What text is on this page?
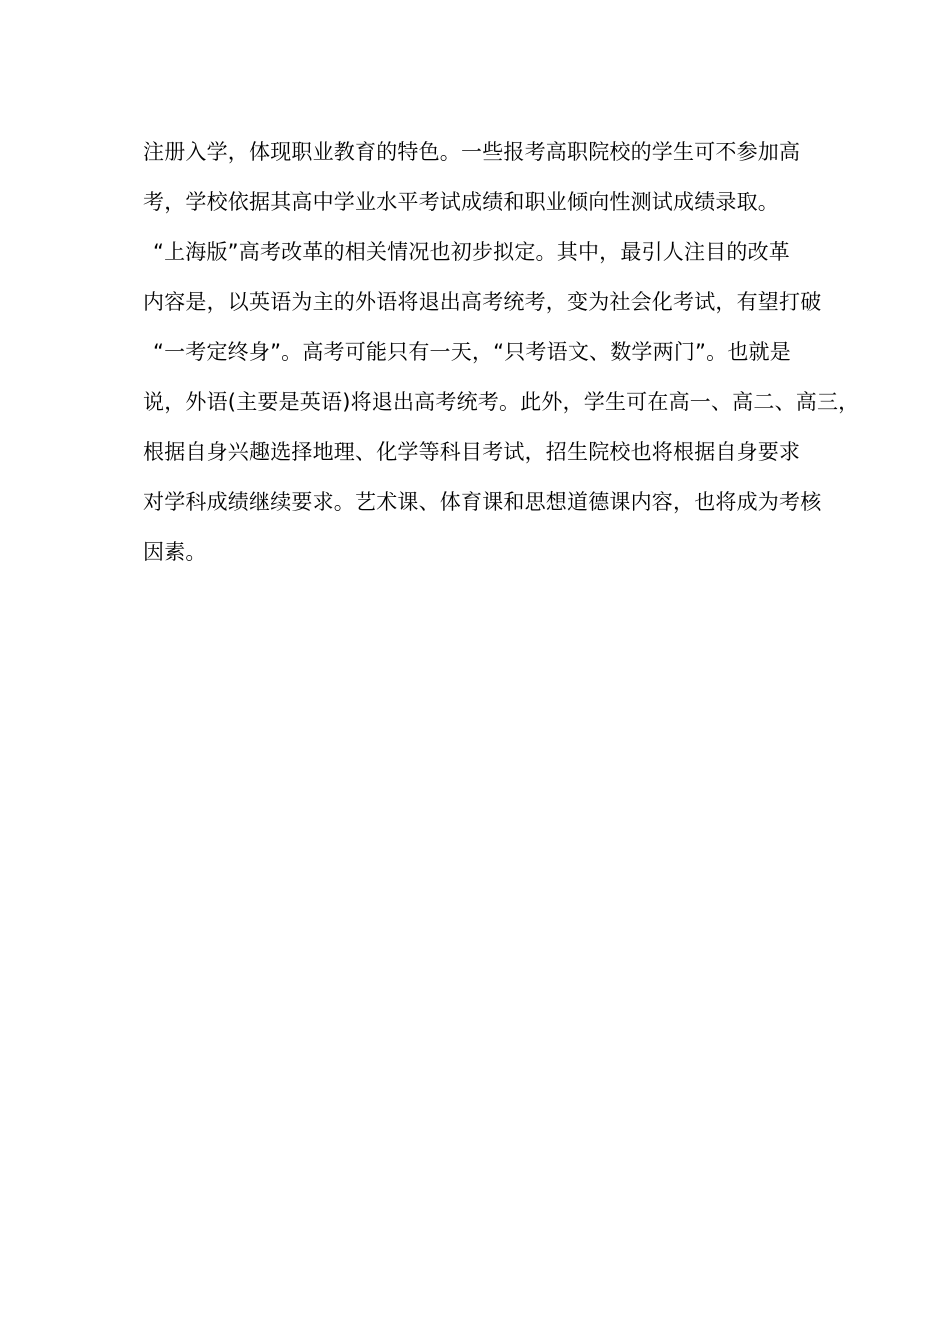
注册入学，体现职业教育的特色。一些报考高职院校的学生可不参加高
考，学校依据其高中学业水平考试成绩和职业倾向性测试成绩录取。
“上海版”高考改革的相关情况也初步拟定。其中，最引人注目的改革
内容是，以英语为主的外语将退出高考统考，变为社会化考试，有望打破
“一考定终身”。高考可能只有一天，“只考语文、数学两门”。也就是
说，外语(主要是英语)将退出高考统考。此外，学生可在高一、高二、高三，
根据自身兴趣选择地理、化学等科目考试，招生院校也将根据自身要求
对学科成绩继续要求。艺术课、体育课和思想道德课内容，也将成为考核
因素。
